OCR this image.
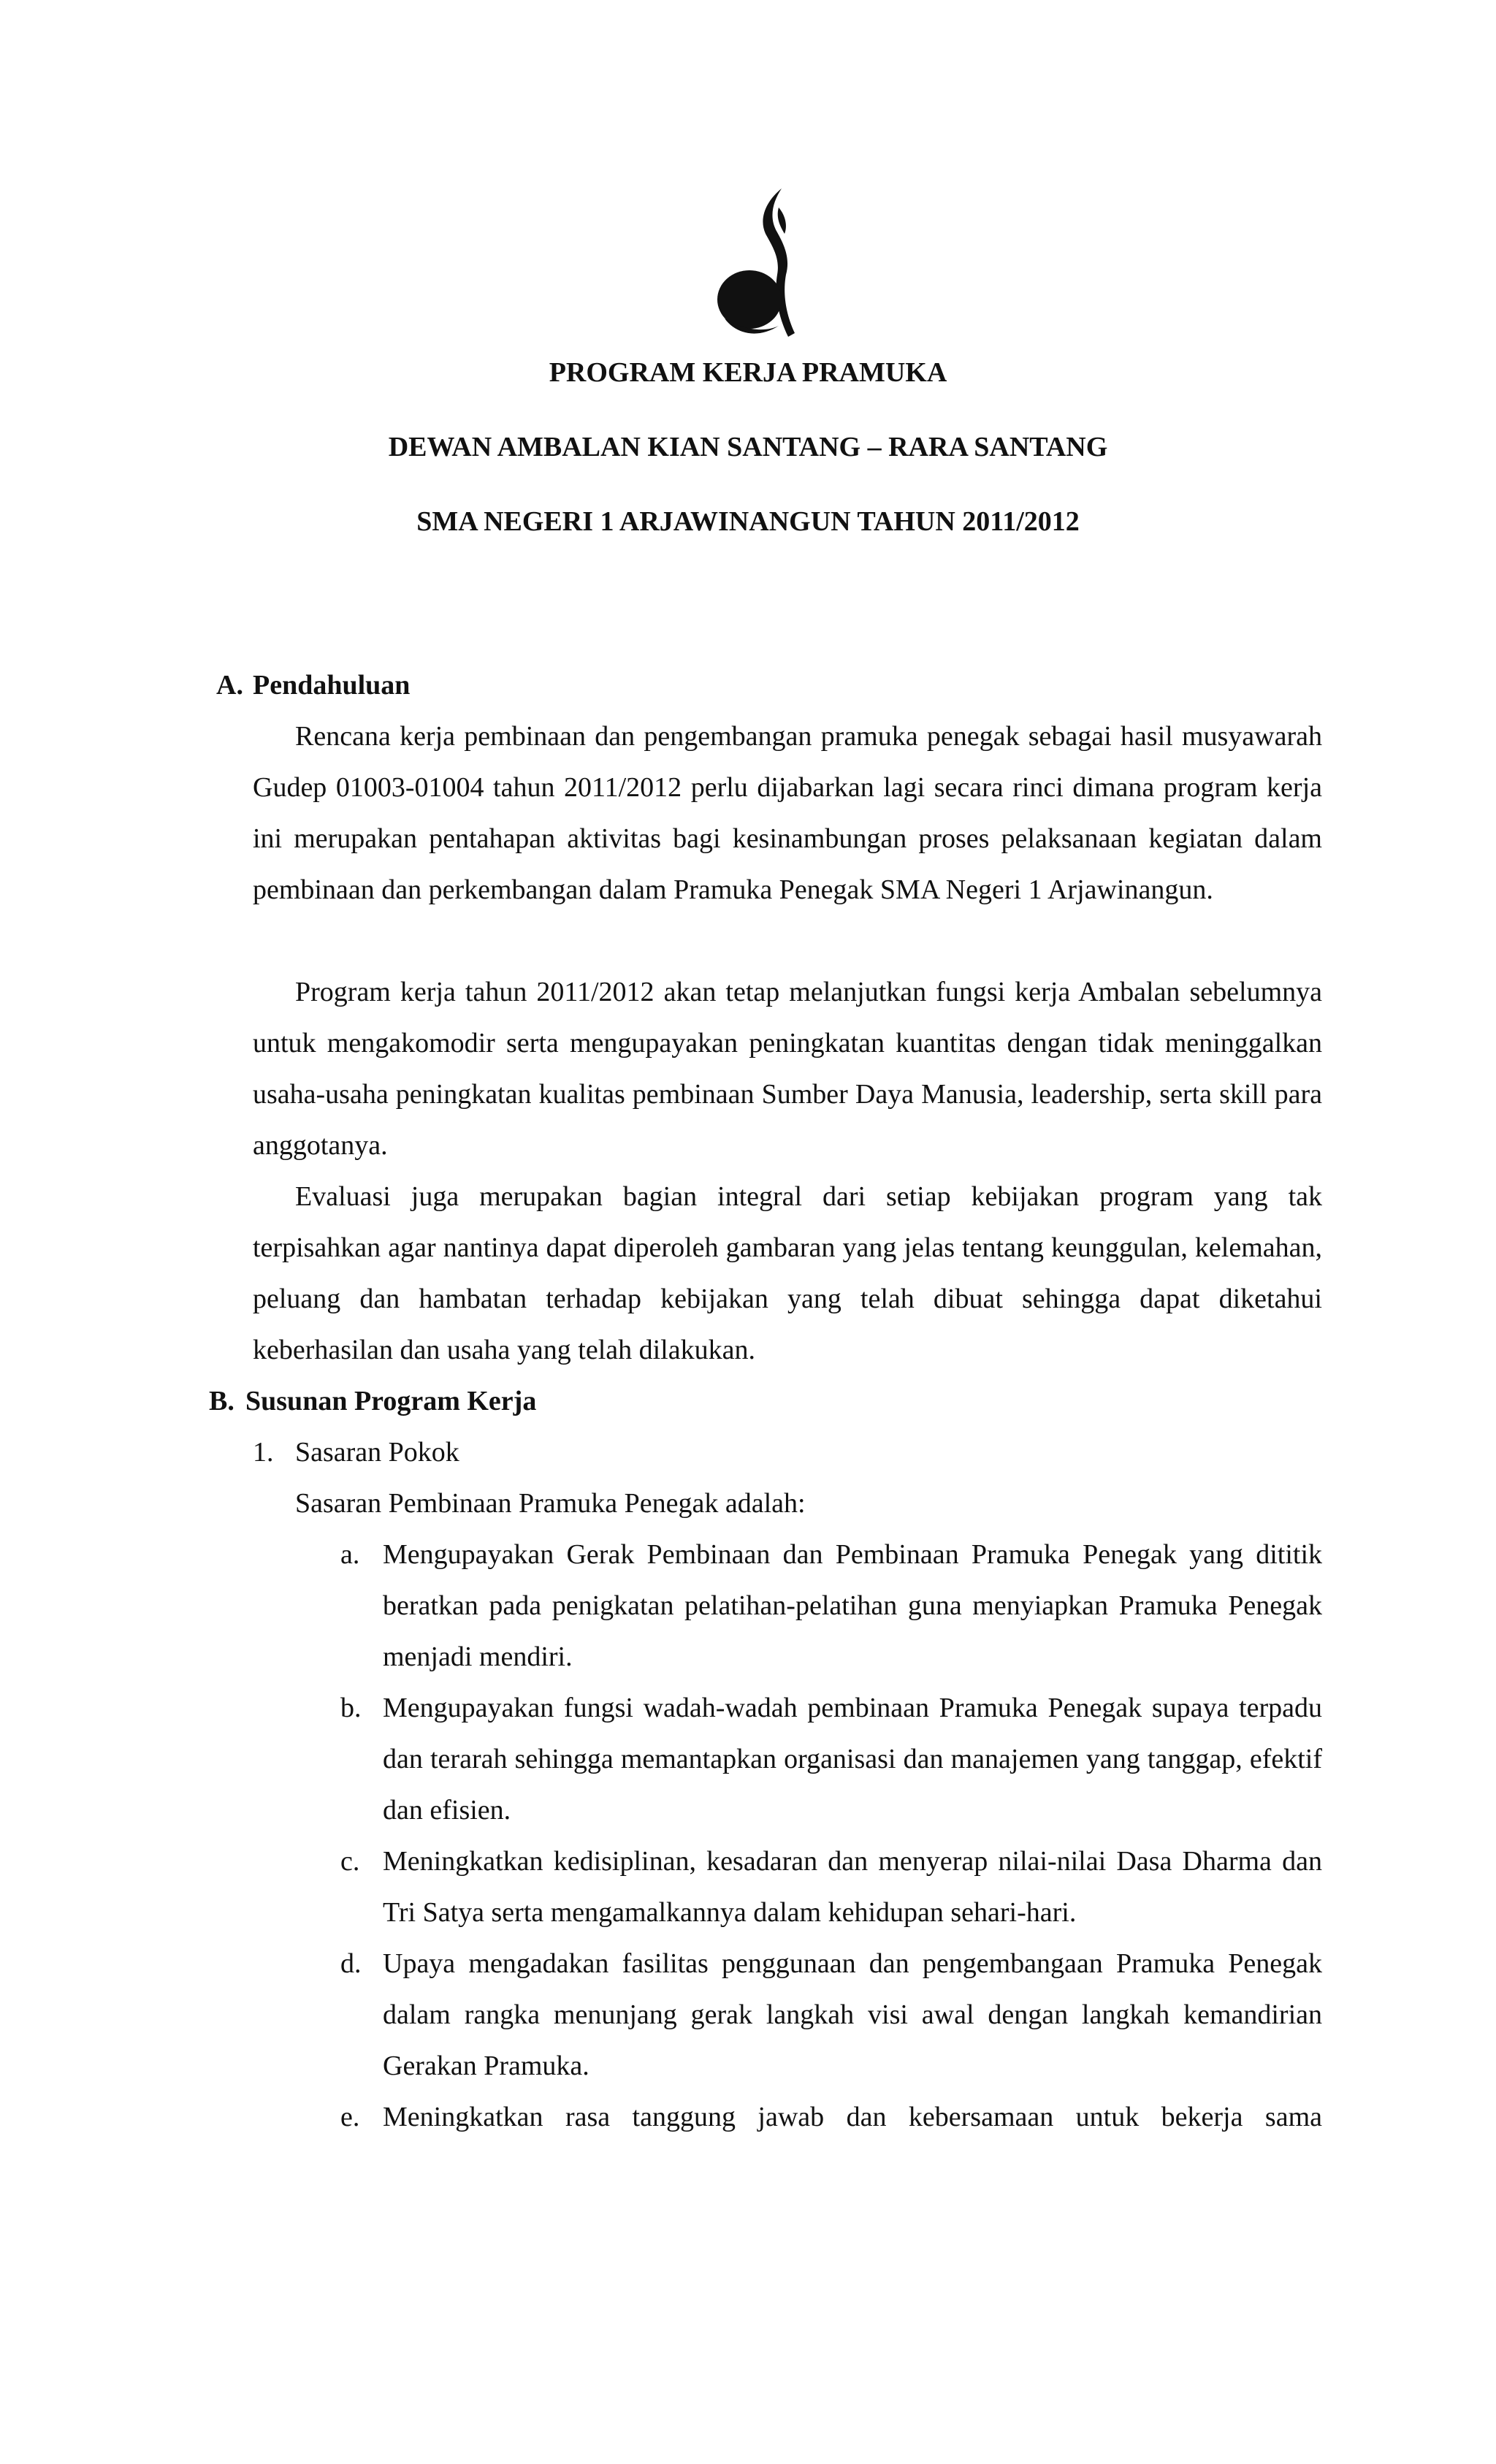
PROGRAM KERJA PRAMUKA
DEWAN AMBALAN KIAN SANTANG – RARA SANTANG
SMA NEGERI 1 ARJAWINANGUN TAHUN 2011/2012
A. Pendahuluan

Rencana kerja pembinaan dan pengembangan pramuka penegak sebagai hasil musyawarah Gudep 01003-01004 tahun 2011/2012 perlu dijabarkan lagi secara rinci dimana program kerja ini merupakan pentahapan aktivitas bagi kesinambungan proses pelaksanaan kegiatan dalam pembinaan dan perkembangan dalam Pramuka Penegak SMA Negeri 1 Arjawinangun.

Program kerja tahun 2011/2012 akan tetap melanjutkan fungsi kerja Ambalan sebelumnya untuk mengakomodir serta mengupayakan peningkatan kuantitas dengan tidak meninggalkan usaha-usaha peningkatan kualitas pembinaan Sumber Daya Manusia, leadership, serta skill para anggotanya.

Evaluasi juga merupakan bagian integral dari setiap kebijakan program yang tak terpisahkan agar nantinya dapat diperoleh gambaran yang jelas tentang keunggulan, kelemahan, peluang dan hambatan terhadap kebijakan yang telah dibuat sehingga dapat diketahui keberhasilan dan usaha yang telah dilakukan.

B. Susunan Program Kerja
1. Sasaran Pokok
Sasaran Pembinaan Pramuka Penegak adalah:
a. Mengupayakan Gerak Pembinaan dan Pembinaan Pramuka Penegak yang dititik beratkan pada penigkatan pelatihan-pelatihan guna menyiapkan Pramuka Penegak menjadi mendiri.
b. Mengupayakan fungsi wadah-wadah pembinaan Pramuka Penegak supaya terpadu dan terarah sehingga memantapkan organisasi dan manajemen yang tanggap, efektif dan efisien.
c. Meningkatkan kedisiplinan, kesadaran dan menyerap nilai-nilai Dasa Dharma dan Tri Satya serta mengamalkannya dalam kehidupan sehari-hari.
d. Upaya mengadakan fasilitas penggunaan dan pengembangaan Pramuka Penegak dalam rangka menunjang gerak langkah visi awal dengan langkah kemandirian Gerakan Pramuka.
e. Meningkatkan rasa tanggung jawab dan kebersamaan untuk bekerja sama
